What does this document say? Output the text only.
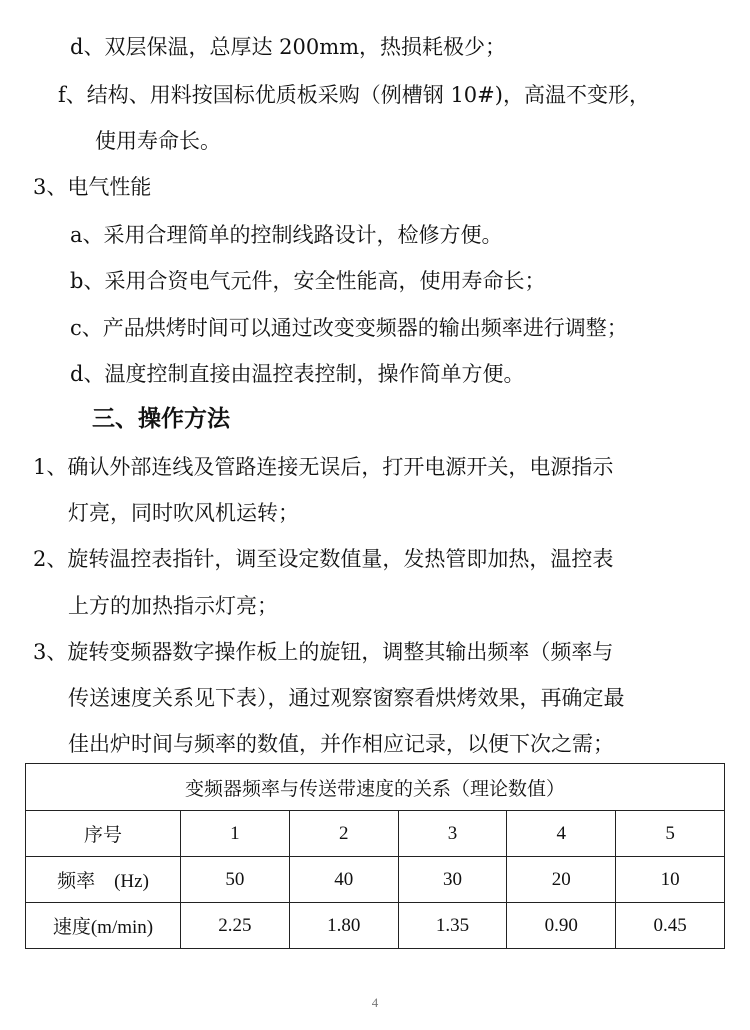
d、双层保温，总厚达 200mm，热损耗极少；
f、结构、用料按国标优质板采购（例槽钢 10#)，高温不变形，
使用寿命长。
3、电气性能
a、采用合理简单的控制线路设计，检修方便。
b、采用合资电气元件，安全性能高，使用寿命长；
c、产品烘烤时间可以通过改变变频器的输出频率进行调整；
d、温度控制直接由温控表控制，操作简单方便。
三、操作方法
1、确认外部连线及管路连接无误后，打开电源开关，电源指示
灯亮，同时吹风机运转；
2、旋转温控表指针，调至设定数值量，发热管即加热，温控表
上方的加热指示灯亮；
3、旋转变频器数字操作板上的旋钮，调整其输出频率（频率与
传送速度关系见下表），通过观察窗察看烘烤效果，再确定最
佳出炉时间与频率的数值，并作相应记录，以便下次之需；
变频器频率与传送带速度的关系（理论数值）					
序号	1	2	3	4	5
频率　(Hz)	50	40	30	20	10
速度(m/min)	2.25	1.80	1.35	0.90	0.45
4
